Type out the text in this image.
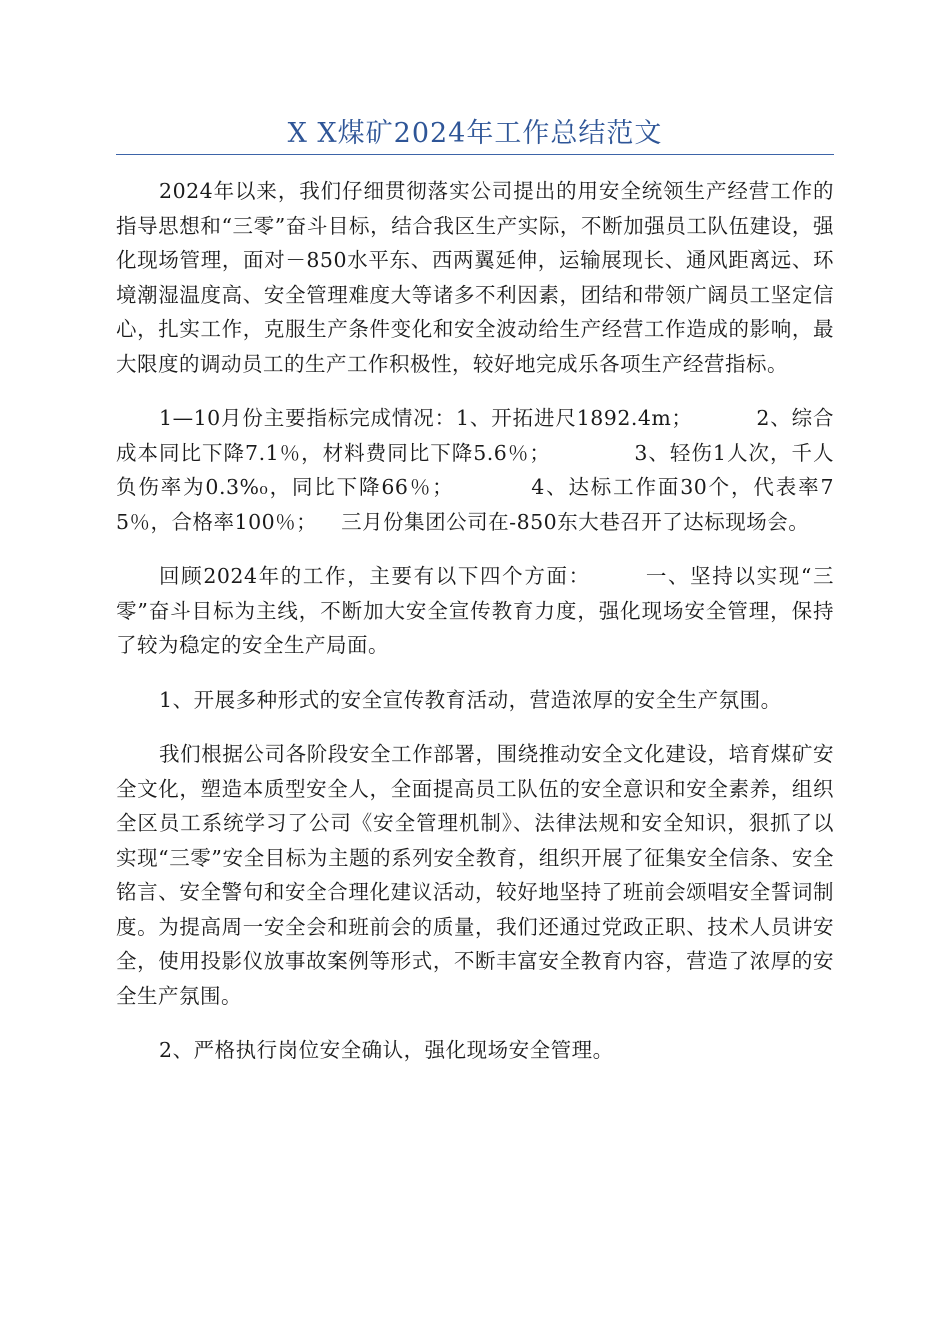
X X煤矿2024年工作总结范文

2024年以来，我们仔细贯彻落实公司提出的用安全统领生产经营工作的指导思想和“三零”奋斗目标，结合我区生产实际，不断加强员工队伍建设，强化现场管理，面对－850水平东、西两翼延伸，运输展现长、通风距离远、环境潮湿温度高、安全管理难度大等诸多不利因素，团结和带领广阔员工坚定信心，扎实工作，克服生产条件变化和安全波动给生产经营工作造成的影响，最大限度的调动员工的生产工作积极性，较好地完成乐各项生产经营指标。

1—10月份主要指标完成情况：1、开拓进尺1892.4m；	2、综合成本同比下降7.1％，材料费同比下降5.6％；	3、轻伤1人次，千人负伤率为0.3%₀，同比下降66％；	4、达标工作面30个，代表率75％，合格率100％； 三月份集团公司在-850东大巷召开了达标现场会。

回顾2024年的工作，主要有以下四个方面：	一、坚持以实现“三零”奋斗目标为主线，不断加大安全宣传教育力度，强化现场安全管理，保持了较为稳定的安全生产局面。

1、开展多种形式的安全宣传教育活动，营造浓厚的安全生产氛围。

我们根据公司各阶段安全工作部署，围绕推动安全文化建设，培育煤矿安全文化，塑造本质型安全人，全面提高员工队伍的安全意识和安全素养，组织全区员工系统学习了公司《安全管理机制》、法律法规和安全知识，狠抓了以实现“三零”安全目标为主题的系列安全教育，组织开展了征集安全信条、安全铭言、安全警句和安全合理化建议活动，较好地坚持了班前会颂唱安全誓词制度。为提高周一安全会和班前会的质量，我们还通过党政正职、技术人员讲安全，使用投影仪放事故案例等形式，不断丰富安全教育内容，营造了浓厚的安全生产氛围。

2、严格执行岗位安全确认，强化现场安全管理。
